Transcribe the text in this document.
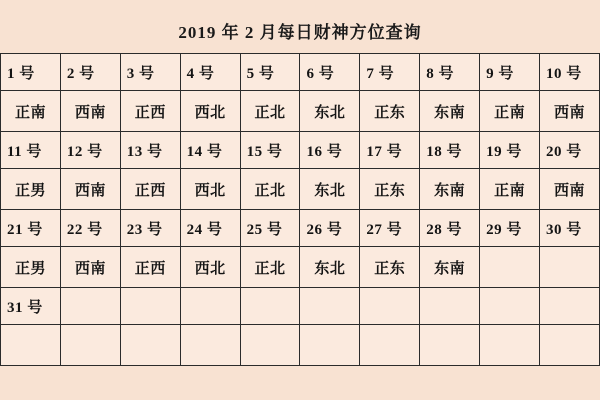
2019 年 2 月每日财神方位查询
1 号	2 号	3 号	4 号	5 号	6 号	7 号	8 号	9 号	10 号
正南	西南	正西	西北	正北	东北	正东	东南	正南	西南
11 号	12 号	13 号	14 号	15 号	16 号	17 号	18 号	19 号	20 号
正男	西南	正西	西北	正北	东北	正东	东南	正南	西南
21 号	22 号	23 号	24 号	25 号	26 号	27 号	28 号	29 号	30 号
正男	西南	正西	西北	正北	东北	正东	东南		
31 号									
